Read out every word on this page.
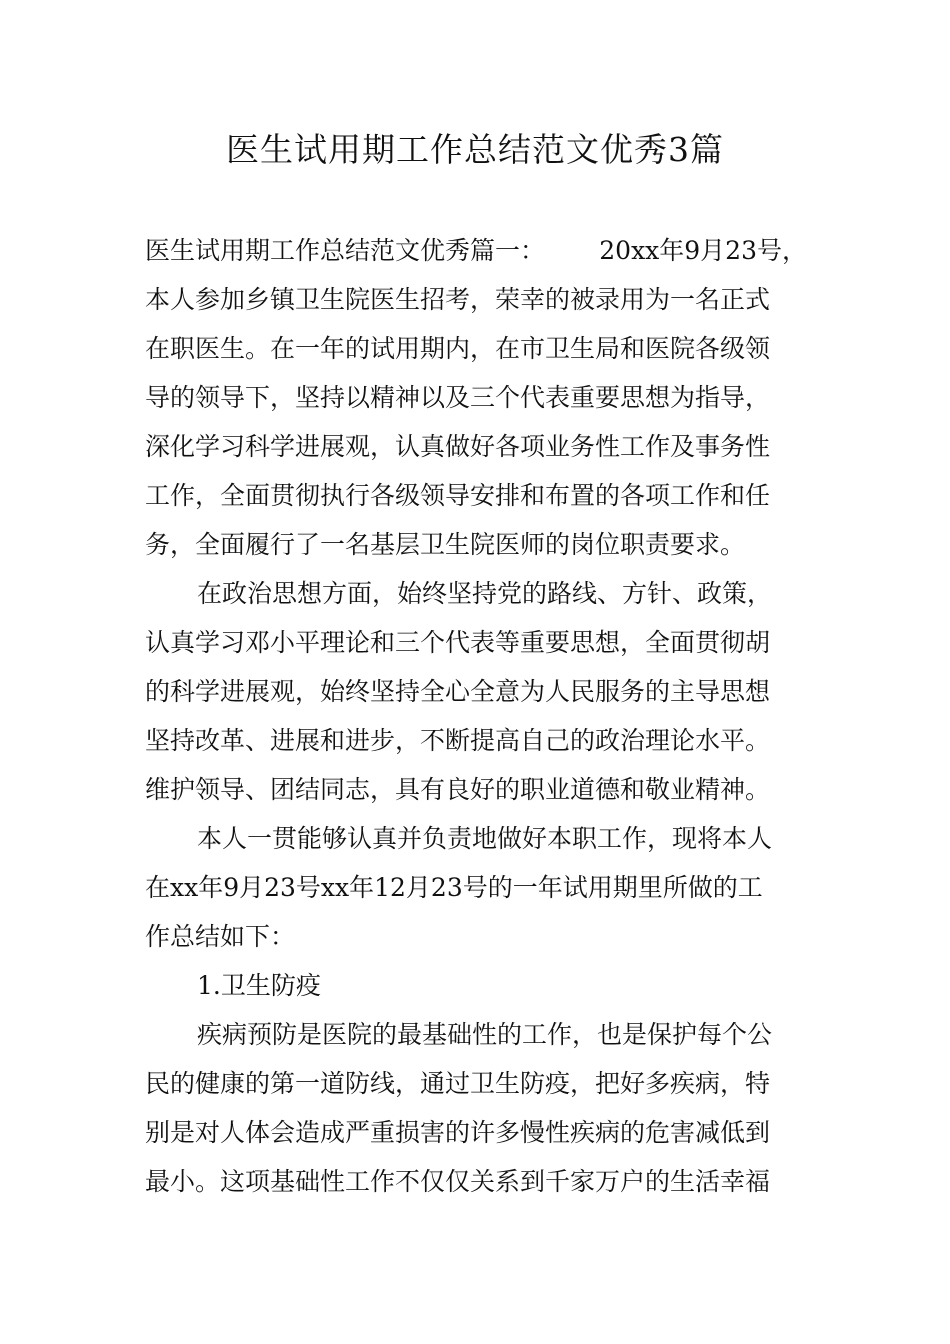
医生试用期工作总结范文优秀3篇
医生试用期工作总结范文优秀篇一： 20xx年9月23号，
本人参加乡镇卫生院医生招考，荣幸的被录用为一名正式
在职医生。在一年的试用期内，在市卫生局和医院各级领
导的领导下，坚持以精神以及三个代表重要思想为指导，
深化学习科学进展观，认真做好各项业务性工作及事务性
工作，全面贯彻执行各级领导安排和布置的各项工作和任
务，全面履行了一名基层卫生院医师的岗位职责要求。
在政治思想方面，始终坚持党的路线、方针、政策，
认真学习邓小平理论和三个代表等重要思想，全面贯彻胡
的科学进展观，始终坚持全心全意为人民服务的主导思想
坚持改革、进展和进步，不断提高自己的政治理论水平。
维护领导、团结同志，具有良好的职业道德和敬业精神。
本人一贯能够认真并负责地做好本职工作，现将本人
在xx年9月23号xx年12月23号的一年试用期里所做的工
作总结如下：
1.卫生防疫
疾病预防是医院的最基础性的工作，也是保护每个公
民的健康的第一道防线，通过卫生防疫，把好多疾病，特
别是对人体会造成严重损害的许多慢性疾病的危害减低到
最小。这项基础性工作不仅仅关系到千家万户的生活幸福
